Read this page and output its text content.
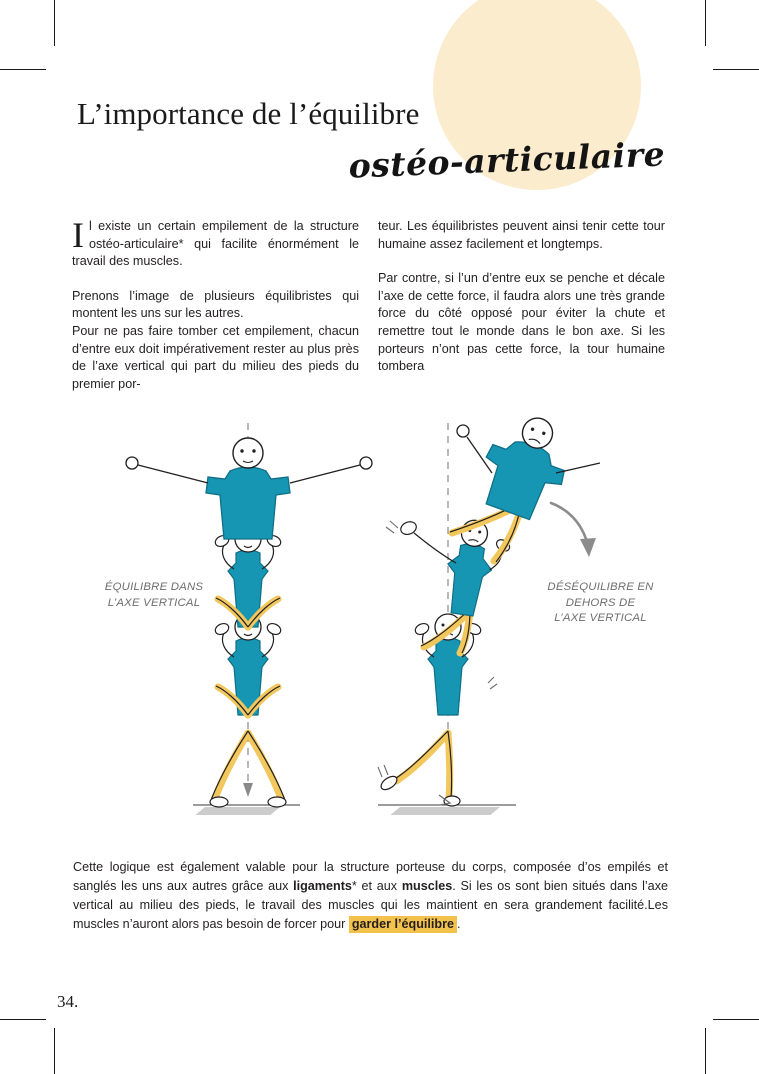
L’importance de l’équilibre
ostéo-articulaire

Il existe un certain empilement de la structure ostéo-articulaire* qui facilite énormément le travail des muscles.

Prenons l’image de plusieurs équilibristes qui montent les uns sur les autres.

Pour ne pas faire tomber cet empilement, chacun d’entre eux doit impérativement rester au plus près de l’axe vertical qui part du milieu des pieds du premier por-

teur. Les équilibristes peuvent ainsi tenir cette tour humaine assez facilement et longtemps.

Par contre, si l’un d’entre eux se penche et décale l’axe de cette force, il faudra alors une très grande force du côté opposé pour éviter la chute et remettre tout le monde dans le bon axe. Si les porteurs n’ont pas cette force, la tour humaine tombera

ÉQUILIBRE DANS
L’AXE VERTICAL
DÉSÉQUILIBRE EN
DEHORS DE
L’AXE VERTICAL

Cette logique est également valable pour la structure porteuse du corps, composée d’os empilés et sanglés les uns aux autres grâce aux ligaments* et aux muscles. Si les os sont bien situés dans l’axe vertical au milieu des pieds, le travail des muscles qui les maintient en sera grandement facilité.Les muscles n’auront alors pas besoin de forcer pour garder l’équilibre .

34.
